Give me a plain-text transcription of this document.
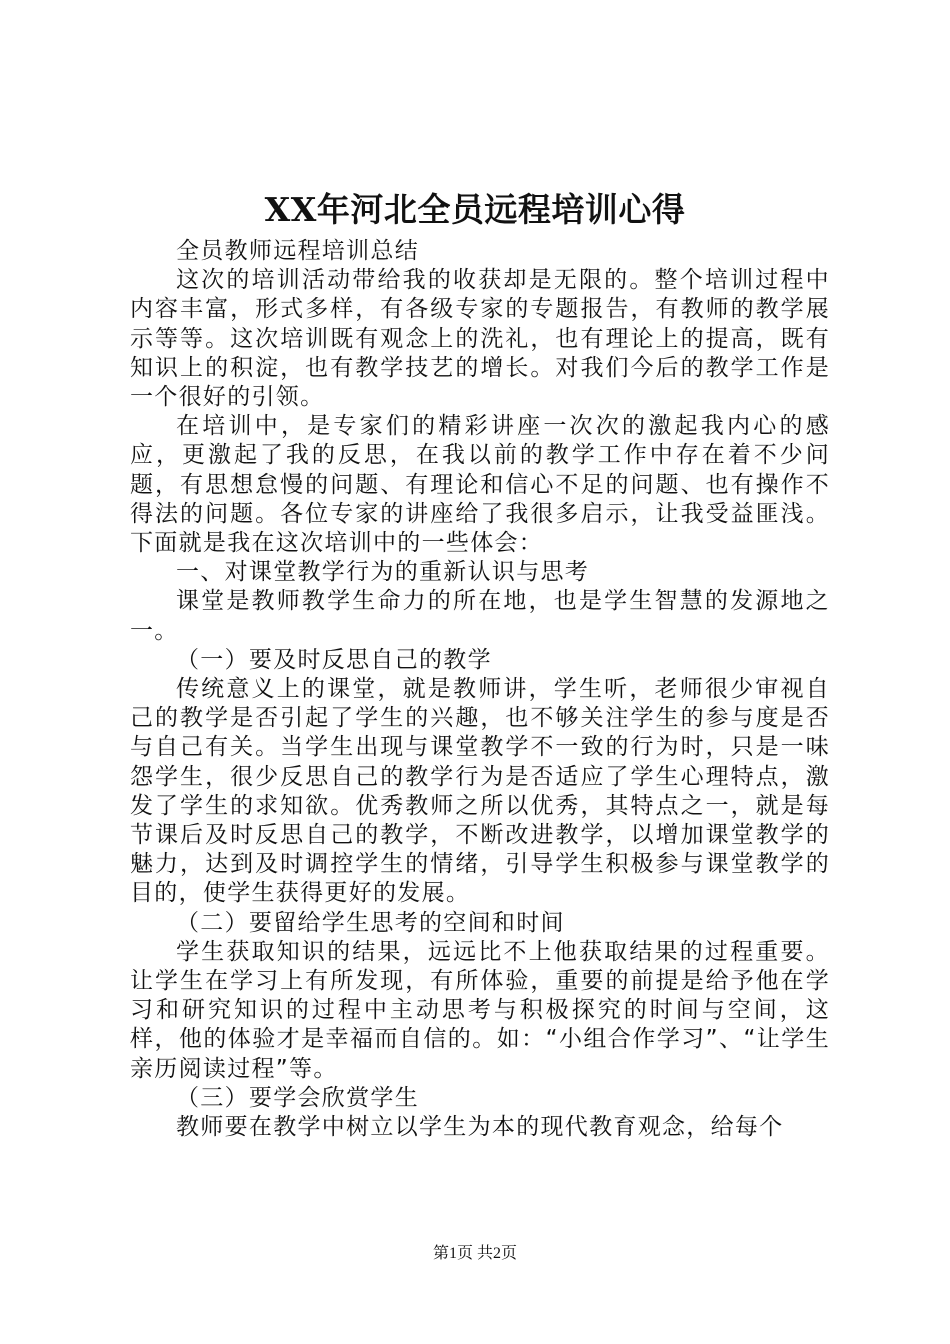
XX年河北全员远程培训心得

全员教师远程培训总结

这次的培训活动带给我的收获却是无限的。整个培训过程中内容丰富，形式多样，有各级专家的专题报告，有教师的教学展示等等。这次培训既有观念上的洗礼，也有理论上的提高，既有知识上的积淀，也有教学技艺的增长。对我们今后的教学工作是一个很好的引领。

在培训中，是专家们的精彩讲座一次次的激起我内心的感应，更激起了我的反思，在我以前的教学工作中存在着不少问题，有思想怠慢的问题、有理论和信心不足的问题、也有操作不得法的问题。各位专家的讲座给了我很多启示，让我受益匪浅。下面就是我在这次培训中的一些体会：

一、对课堂教学行为的重新认识与思考

课堂是教师教学生命力的所在地，也是学生智慧的发源地之一。

（一）要及时反思自己的教学

传统意义上的课堂，就是教师讲，学生听，老师很少审视自己的教学是否引起了学生的兴趣，也不够关注学生的参与度是否与自己有关。当学生出现与课堂教学不一致的行为时，只是一味怨学生，很少反思自己的教学行为是否适应了学生心理特点，激发了学生的求知欲。优秀教师之所以优秀，其特点之一，就是每节课后及时反思自己的教学，不断改进教学，以增加课堂教学的魅力，达到及时调控学生的情绪，引导学生积极参与课堂教学的目的，使学生获得更好的发展。

（二）要留给学生思考的空间和时间

学生获取知识的结果，远远比不上他获取结果的过程重要。让学生在学习上有所发现，有所体验，重要的前提是给予他在学习和研究知识的过程中主动思考与积极探究的时间与空间，这样，他的体验才是幸福而自信的。如：“小组合作学习”、“让学生亲历阅读过程”等。

（三）要学会欣赏学生

教师要在教学中树立以学生为本的现代教育观念，给每个

第1页 共2页
